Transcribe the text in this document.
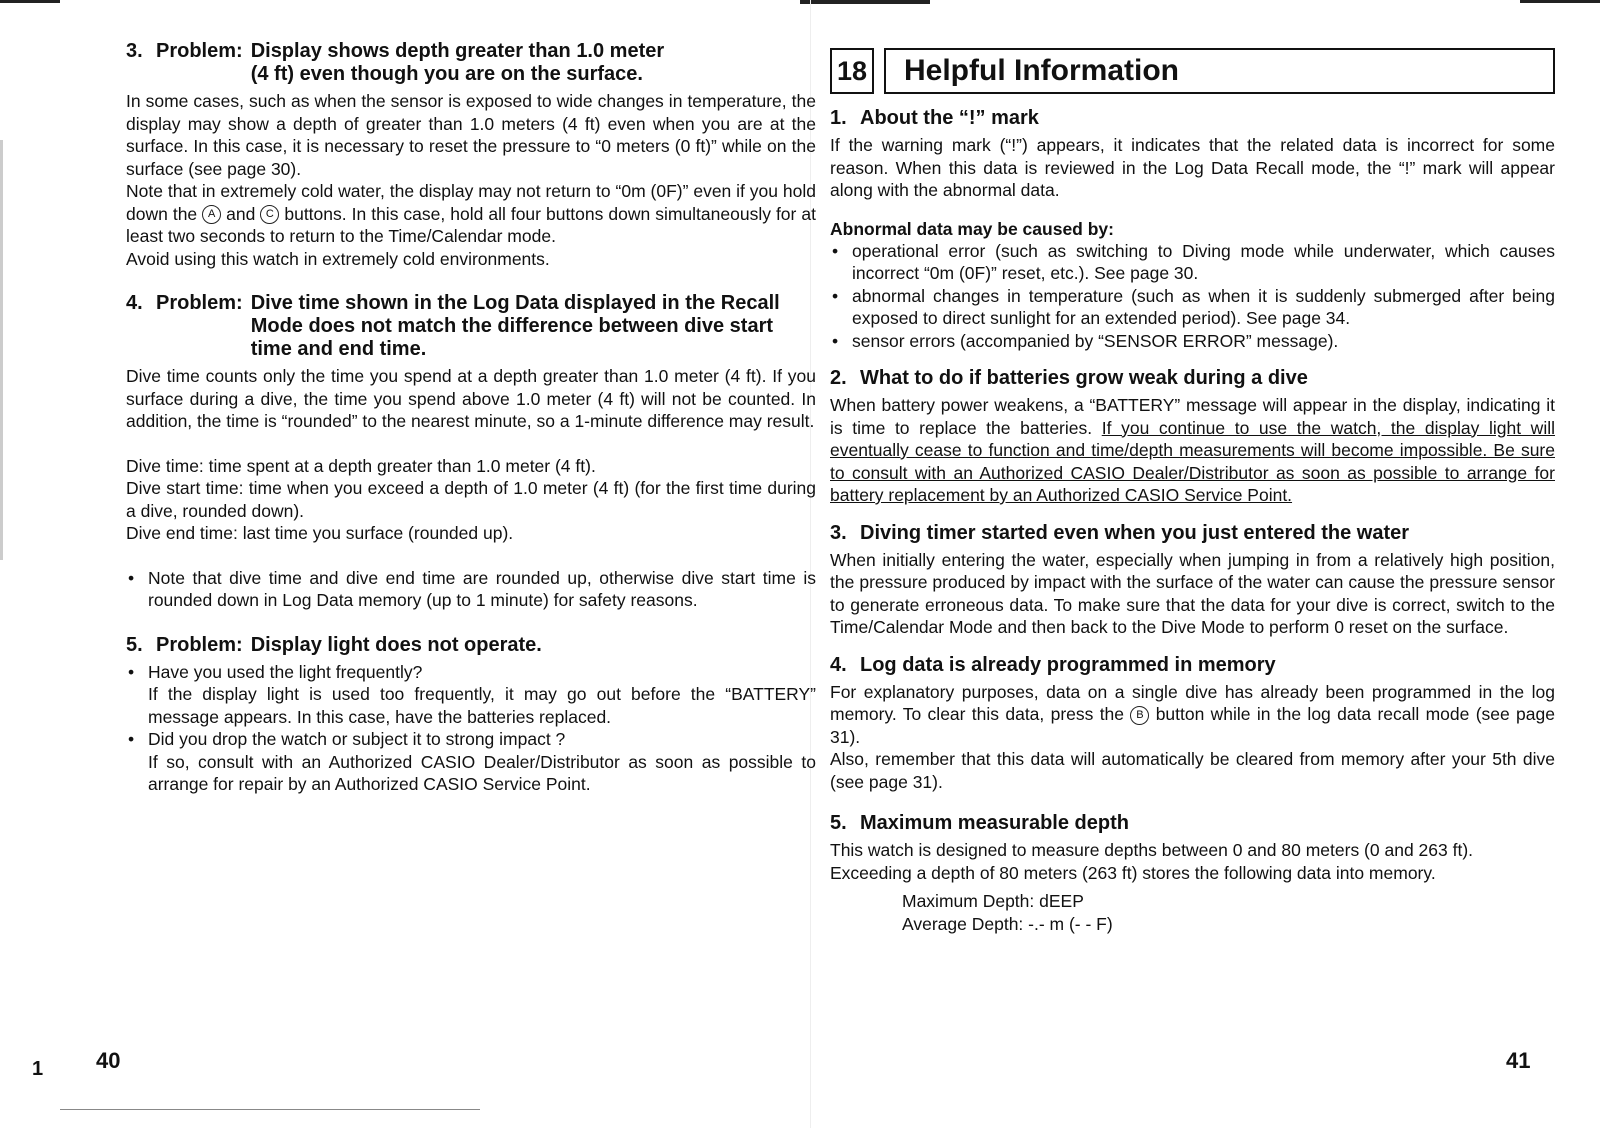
3. Problem: Display shows depth greater than 1.0 meter
(4 ft) even though you are on the surface.

In some cases, such as when the sensor is exposed to wide changes in temperature, the display may show a depth of greater than 1.0 meters (4 ft) even when you are at the surface. In this case, it is necessary to reset the pressure to “0 meters (0 ft)” while on the surface (see page 30).

Note that in extremely cold water, the display may not return to “0m (0F)” even if you hold down the A and C buttons. In this case, hold all four buttons down simultaneously for at least two seconds to return to the Time/Calendar mode.

Avoid using this watch in extremely cold environments.

4. Problem: Dive time shown in the Log Data displayed in the Recall Mode does not match the difference between dive start time and end time.

Dive time counts only the time you spend at a depth greater than 1.0 meter (4 ft). If you surface during a dive, the time you spend above 1.0 meter (4 ft) will not be counted. In addition, the time is “rounded” to the nearest minute, so a 1-minute difference may result.

Dive time: time spent at a depth greater than 1.0 meter (4 ft).

Dive start time: time when you exceed a depth of 1.0 meter (4 ft) (for the first time during a dive, rounded down).

Dive end time: last time you surface (rounded up).

• Note that dive time and dive end time are rounded up, otherwise dive start time is rounded down in Log Data memory (up to 1 minute) for safety reasons.
5. Problem: Display light does not operate.
• Have you used the light frequently?
If the display light is used too frequently, it may go out before the “BATTERY” message appears. In this case, have the batteries replaced.
• Did you drop the watch or subject it to strong impact ?
If so, consult with an Authorized CASIO Dealer/Distributor as soon as possible to arrange for repair by an Authorized CASIO Service Point.
1 40
18	Helpful Information
1. About the “!” mark

If the warning mark (“!”) appears, it indicates that the related data is incorrect for some reason. When this data is reviewed in the Log Data Recall mode, the “!” mark will appear along with the abnormal data.

Abnormal data may be caused by:

• operational error (such as switching to Diving mode while underwater, which causes incorrect “0m (0F)” reset, etc.). See page 30.
• abnormal changes in temperature (such as when it is suddenly submerged after being exposed to direct sunlight for an extended period). See page 34.
• sensor errors (accompanied by “SENSOR ERROR” message).
2. What to do if batteries grow weak during a dive

When battery power weakens, a “BATTERY” message will appear in the display, indicating it is time to replace the batteries. If you continue to use the watch, the display light will eventually cease to function and time/depth measurements will become impossible. Be sure to consult with an Authorized CASIO Dealer/Distributor as soon as possible to arrange for battery replacement by an Authorized CASIO Service Point.

3. Diving timer started even when you just entered the water

When initially entering the water, especially when jumping in from a relatively high position, the pressure produced by impact with the surface of the water can cause the pressure sensor to generate erroneous data. To make sure that the data for your dive is correct, switch to the Time/Calendar Mode and then back to the Dive Mode to perform 0 reset on the surface.

4. Log data is already programmed in memory

For explanatory purposes, data on a single dive has already been programmed in the log memory. To clear this data, press the B button while in the log data recall mode (see page 31).

Also, remember that this data will automatically be cleared from memory after your 5th dive (see page 31).

5. Maximum measurable depth

This watch is designed to measure depths between 0 and 80 meters (0 and 263 ft).

Exceeding a depth of 80 meters (263 ft) stores the following data into memory.

Maximum Depth: dEEP
Average Depth: -.- m (- - F)
41
